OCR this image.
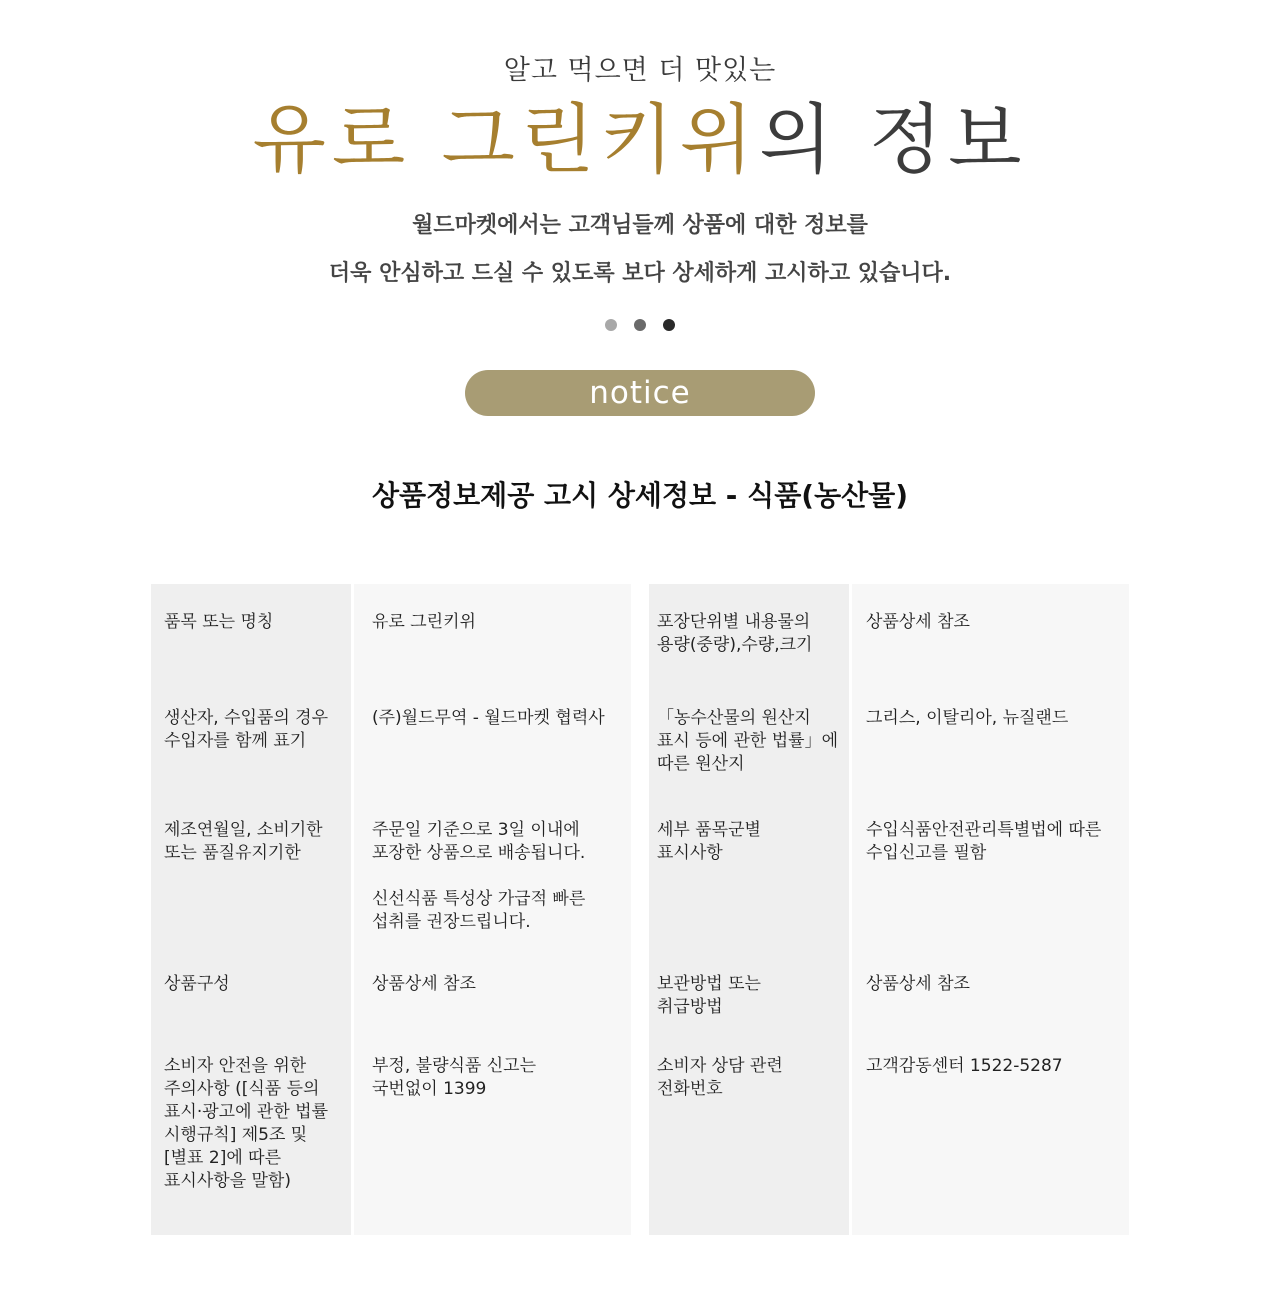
알고 먹으면 더 맛있는
유로 그린키위의 정보
월드마켓에서는 고객님들께 상품에 대한 정보를
더욱 안심하고 드실 수 있도록 보다 상세하게 고시하고 있습니다.
notice
상품정보제공 고시 상세정보 - 식품(농산물)
품목 또는 명칭	유로 그린키위
생산자, 수입품의 경우
수입자를 함께 표기
(주)월드무역 - 월드마켓 협력사
제조연월일, 소비기한
또는 품질유지기한
주문일 기준으로 3일 이내에
포장한 상품으로 배송됩니다.

신선식품 특성상 가급적 빠른
섭취를 권장드립니다.
상품구성	상품상세 참조
소비자 안전을 위한
주의사항 ([식품 등의
표시·광고에 관한 법률
시행규칙] 제5조 및
[별표 2]에 따른
표시사항을 말함)
부정, 불량식품 신고는
국번없이 1399
포장단위별 내용물의
용량(중량),수량,크기
상품상세 참조
「농수산물의 원산지
표시 등에 관한 법률」에
따른 원산지
그리스, 이탈리아, 뉴질랜드
세부 품목군별
표시사항
수입식품안전관리특별법에 따른
수입신고를 필함
보관방법 또는
취급방법
상품상세 참조
소비자 상담 관련
전화번호
고객감동센터 1522-5287
